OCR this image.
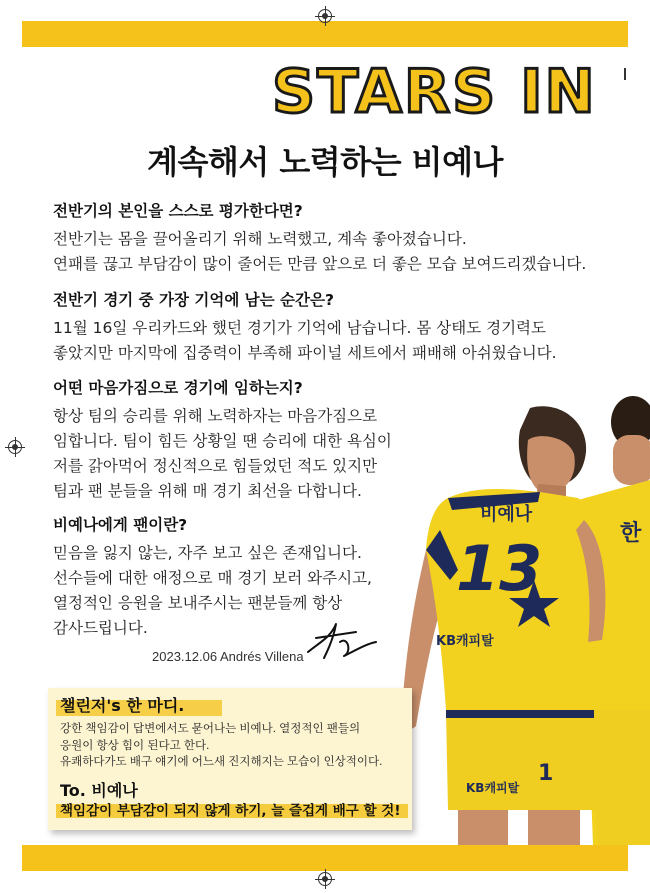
STARS IN
계속해서 노력하는 비예나
전반기의 본인을 스스로 평가한다면?
전반기는 몸을 끌어올리기 위해 노력했고, 계속 좋아졌습니다.
연패를 끊고 부담감이 많이 줄어든 만큼 앞으로 더 좋은 모습 보여드리겠습니다.
전반기 경기 중 가장 기억에 남는 순간은?
11월 16일 우리카드와 했던 경기가 기억에 남습니다. 몸 상태도 경기력도
좋았지만 마지막에 집중력이 부족해 파이널 세트에서 패배해 아쉬웠습니다.
어떤 마음가짐으로 경기에 임하는지?
항상 팀의 승리를 위해 노력하자는 마음가짐으로
임합니다. 팀이 힘든 상황일 땐 승리에 대한 욕심이
저를 갉아먹어 정신적으로 힘들었던 적도 있지만
팀과 팬 분들을 위해 매 경기 최선을 다합니다.
비예나에게 팬이란?
믿음을 잃지 않는, 자주 보고 싶은 존재입니다.
선수들에 대한 애정으로 매 경기 보러 와주시고,
열정적인 응원을 보내주시는 팬분들께 항상
감사드립니다.
한
비예나
13
KB캐피탈
KB캐피탈
1
2023.12.06 Andrés Villena
챌린저's 한 마디.
강한 책임감이 답변에서도 묻어나는 비예나. 열정적인 팬들의
응원이 항상 힘이 된다고 한다.
유쾌하다가도 배구 얘기에 어느새 진지해지는 모습이 인상적이다.
To. 비예나
책임감이 부담감이 되지 않게 하기, 늘 즐겁게 배구 할 것!
